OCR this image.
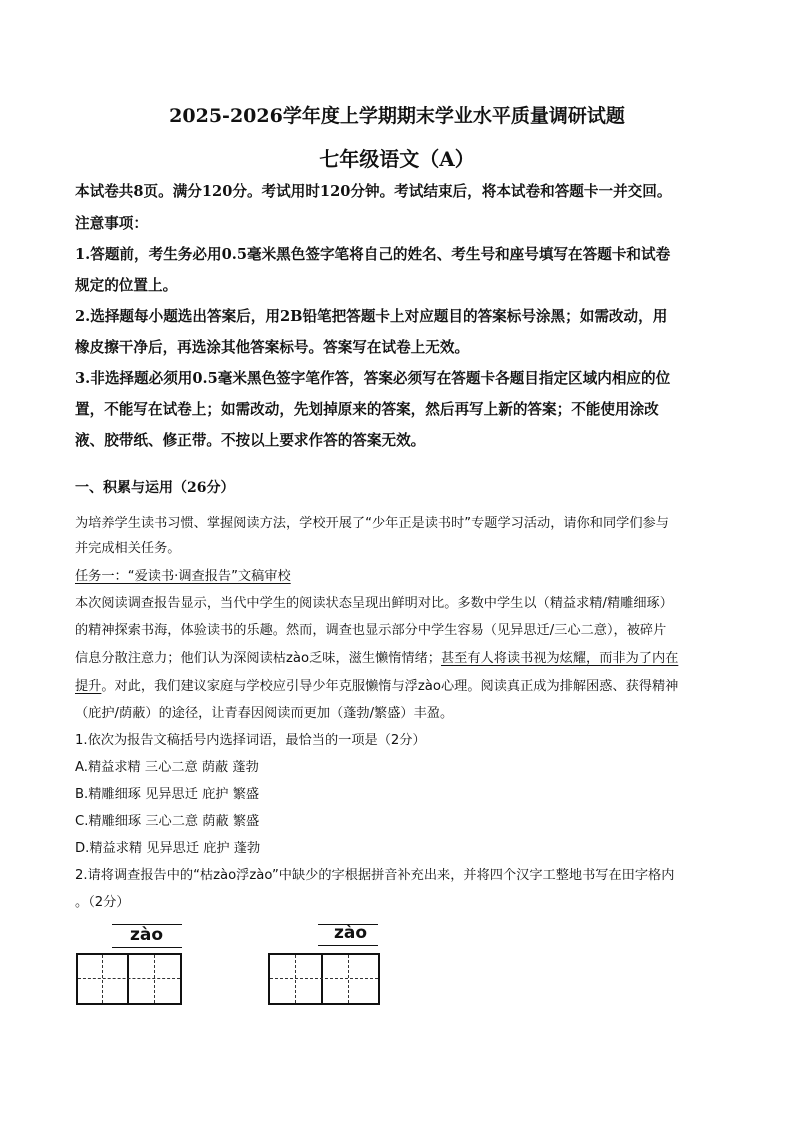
2025-2026学年度上学期期末学业水平质量调研试题
七年级语文（A）
本试卷共8页。满分120分。考试用时120分钟。考试结束后，将本试卷和答题卡一并交回。
注意事项：
1.答题前，考生务必用0.5毫米黑色签字笔将自己的姓名、考生号和座号填写在答题卡和试卷
规定的位置上。
2.选择题每小题选出答案后，用2B铅笔把答题卡上对应题目的答案标号涂黑；如需改动，用
橡皮擦干净后，再选涂其他答案标号。答案写在试卷上无效。
3.非选择题必须用0.5毫米黑色签字笔作答，答案必须写在答题卡各题目指定区域内相应的位
置，不能写在试卷上；如需改动，先划掉原来的答案，然后再写上新的答案；不能使用涂改
液、胶带纸、修正带。不按以上要求作答的答案无效。
一、积累与运用（26分）
为培养学生读书习惯、掌握阅读方法，学校开展了“少年正是读书时”专题学习活动，请你和同学们参与
并完成相关任务。
任务一：“爱读书·调查报告”文稿审校
本次阅读调查报告显示，当代中学生的阅读状态呈现出鲜明对比。多数中学生以（精益求精/精雕细琢）
的精神探索书海，体验读书的乐趣。然而，调查也显示部分中学生容易（见异思迁/三心二意），被碎片
信息分散注意力；他们认为深阅读枯zào乏味，滋生懒惰情绪；甚至有人将读书视为炫耀，而非为了内在
提升。对此，我们建议家庭与学校应引导少年克服懒惰与浮zào心理。阅读真正成为排解困惑、获得精神
（庇护/荫蔽）的途径，让青春因阅读而更加（蓬勃/繁盛）丰盈。
1.依次为报告文稿括号内选择词语，最恰当的一项是（2分）
A.精益求精 三心二意 荫蔽 蓬勃
B.精雕细琢 见异思迁 庇护 繁盛
C.精雕细琢 三心二意 荫蔽 繁盛
D.精益求精 见异思迁 庇护 蓬勃
2.请将调查报告中的“枯zào浮zào”中缺少的字根据拼音补充出来，并将四个汉字工整地书写在田字格内
。（2分）
zào	zào
